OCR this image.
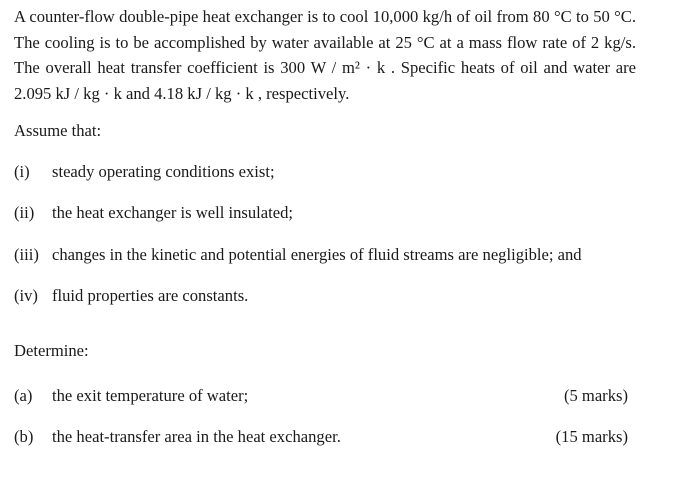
A counter-flow double-pipe heat exchanger is to cool 10,000 kg/h of oil from 80 °C to 50 °C. The cooling is to be accomplished by water available at 25 °C at a mass flow rate of 2 kg/s. The overall heat transfer coefficient is 300 W / m² · k . Specific heats of oil and water are 2.095 kJ / kg · k and 4.18 kJ / kg · k , respectively.

Assume that:
(i) steady operating conditions exist;
(ii) the heat exchanger is well insulated;
(iii) changes in the kinetic and potential energies of fluid streams are negligible; and
(iv) fluid properties are constants.
Determine:
(a) the exit temperature of water;	(5 marks)
(b) the heat-transfer area in the heat exchanger.	(15 marks)
